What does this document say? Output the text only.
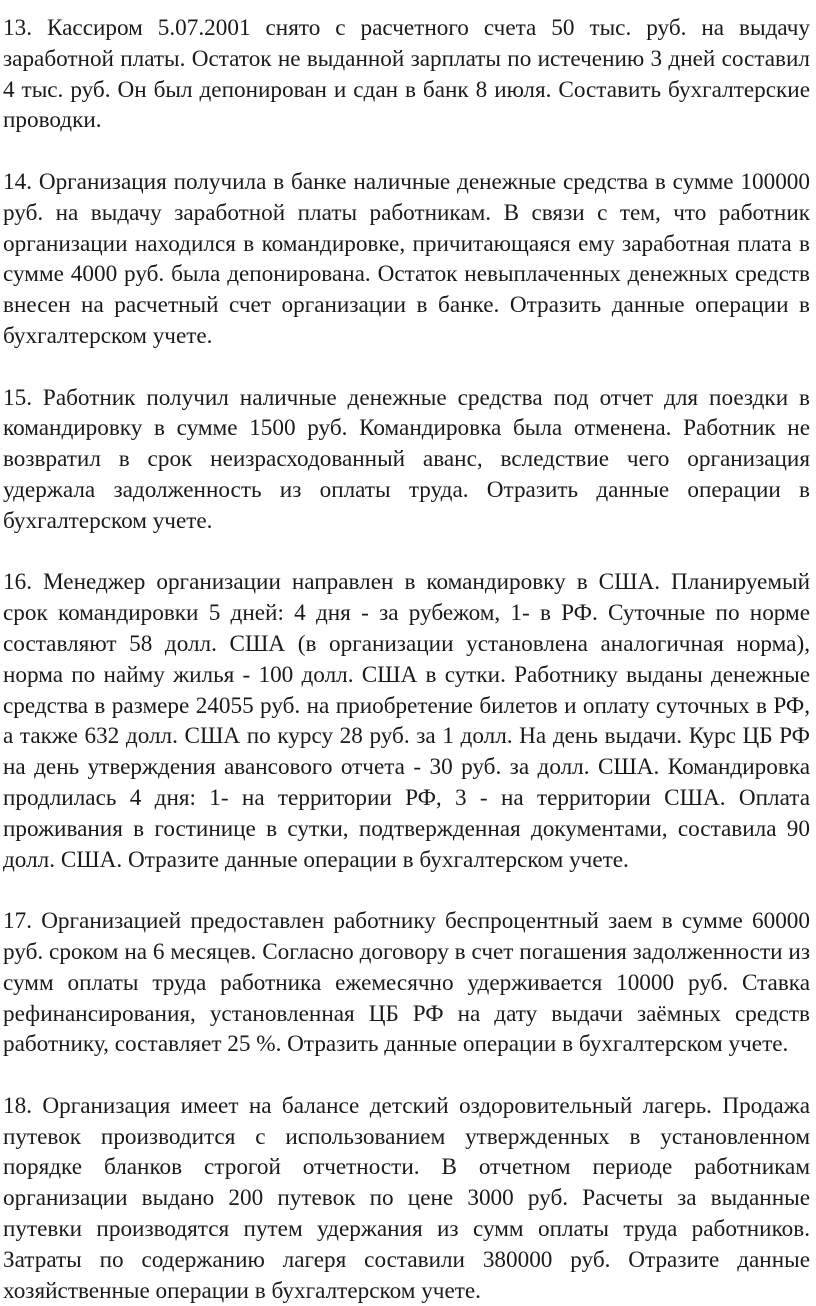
13. Кассиром 5.07.2001 снято с расчетного счета 50 тыс. руб. на выдачу заработной платы. Остаток не выданной зарплаты по истечению 3 дней составил 4 тыс. руб. Он был депонирован и сдан в банк 8 июля. Составить бухгалтерские проводки.

14. Организация получила в банке наличные денежные средства в сумме 100000 руб. на выдачу заработной платы работникам. В связи с тем, что работник организации находился в командировке, причитающаяся ему заработная плата в сумме 4000 руб. была депонирована. Остаток невыплаченных денежных средств внесен на расчетный счет организации в банке. Отразить данные операции в бухгалтерском учете.

15. Работник получил наличные денежные средства под отчет для поездки в командировку в сумме 1500 руб. Командировка была отменена. Работник не возвратил в срок неизрасходованный аванс, вследствие чего организация удержала задолженность из оплаты труда. Отразить данные операции в бухгалтерском учете.

16. Менеджер организации направлен в командировку в США. Планируемый срок командировки 5 дней: 4 дня - за рубежом, 1- в РФ. Суточные по норме составляют 58 долл. США (в организации установлена аналогичная норма), норма по найму жилья - 100 долл. США в сутки. Работнику выданы денежные средства в размере 24055 руб. на приобретение билетов и оплату суточных в РФ, а также 632 долл. США по курсу 28 руб. за 1 долл. На день выдачи. Курс ЦБ РФ на день утверждения авансового отчета - 30 руб. за долл. США. Командировка продлилась 4 дня: 1- на территории РФ, 3 - на территории США. Оплата проживания в гостинице в сутки, подтвержденная документами, составила 90 долл. США. Отразите данные операции в бухгалтерском учете.

17. Организацией предоставлен работнику беспроцентный заем в сумме 60000 руб. сроком на 6 месяцев. Согласно договору в счет погашения задолженности из сумм оплаты труда работника ежемесячно удерживается 10000 руб. Ставка рефинансирования, установленная ЦБ РФ на дату выдачи заёмных средств работнику, составляет 25 %. Отразить данные операции в бухгалтерском учете.

18. Организация имеет на балансе детский оздоровительный лагерь. Продажа путевок производится с использованием утвержденных в установленном порядке бланков строгой отчетности. В отчетном периоде работникам организации выдано 200 путевок по цене 3000 руб. Расчеты за выданные путевки производятся путем удержания из сумм оплаты труда работников. Затраты по содержанию лагеря составили 380000 руб. Отразите данные хозяйственные операции в бухгалтерском учете.
